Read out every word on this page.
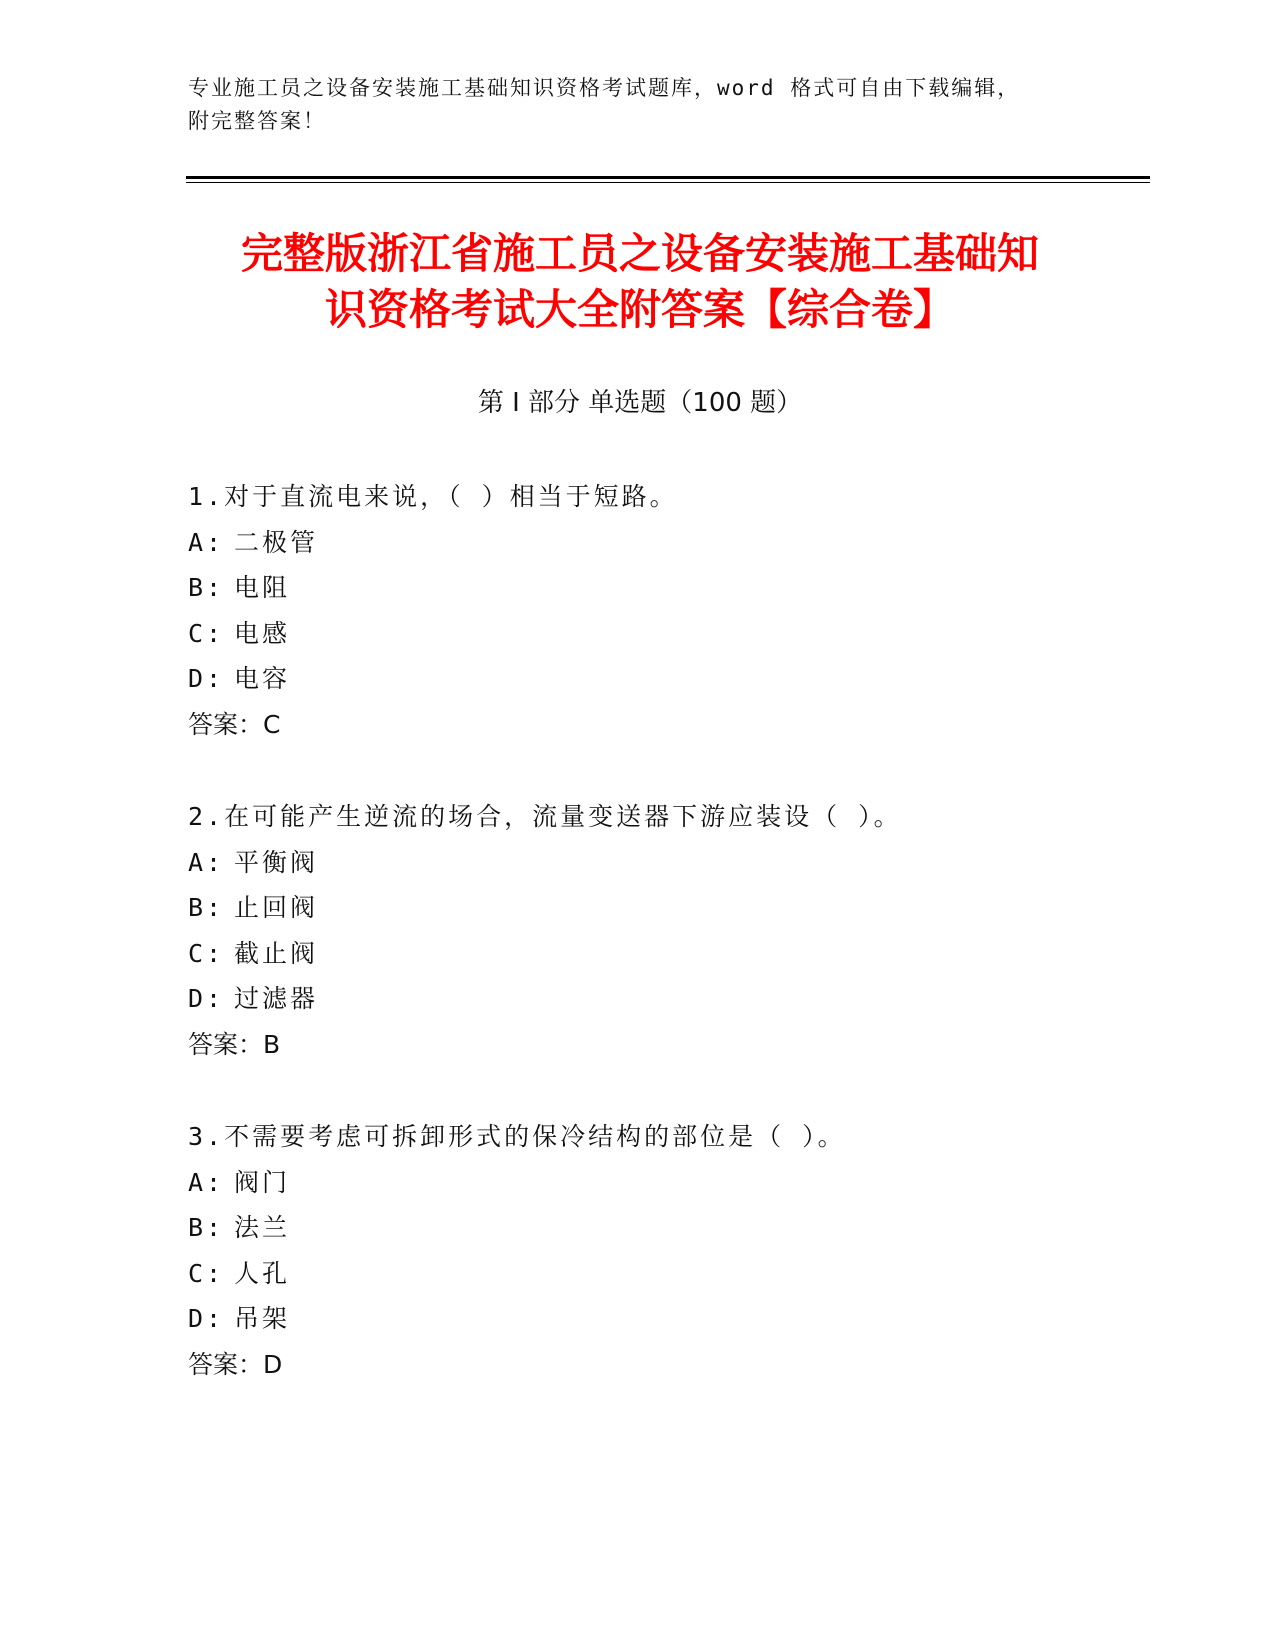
专业施工员之设备安装施工基础知识资格考试题库，word 格式可自由下载编辑，
附完整答案！
完整版浙江省施工员之设备安装施工基础知
识资格考试大全附答案【综合卷】
第 I 部分 单选题（100 题）
1.对于直流电来说，（ ）相当于短路。
A: 二极管
B: 电阻
C: 电感
D: 电容
答案：C
2.在可能产生逆流的场合，流量变送器下游应装设（ ）。
A: 平衡阀
B: 止回阀
C: 截止阀
D: 过滤器
答案：B
3.不需要考虑可拆卸形式的保冷结构的部位是（ ）。
A: 阀门
B: 法兰
C: 人孔
D: 吊架
答案：D
